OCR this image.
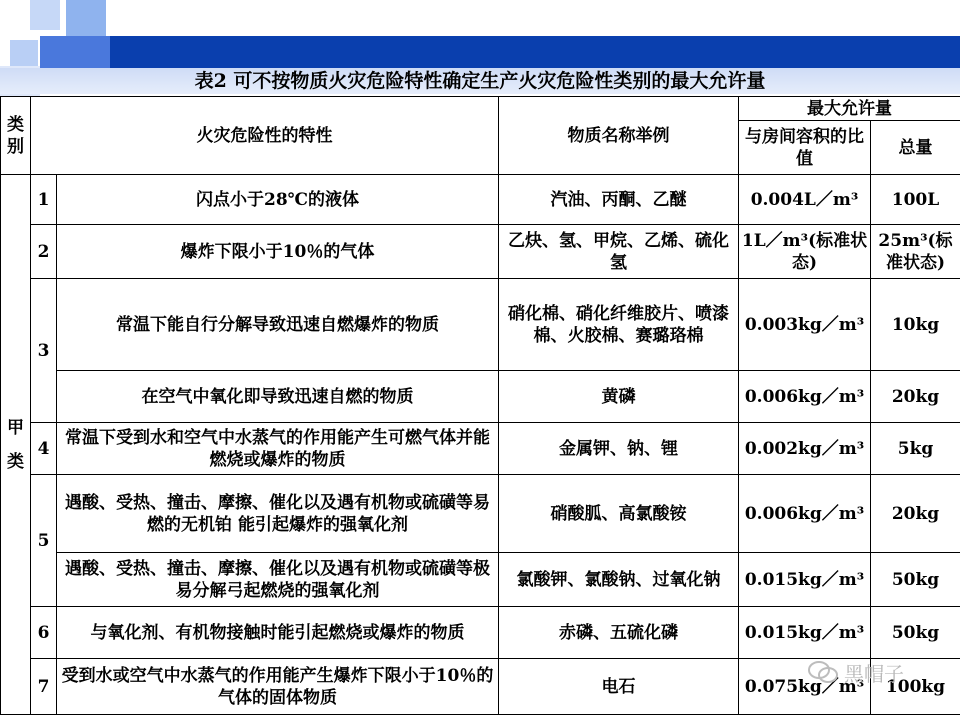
表2 可不按物质火灾危险特性确定生产火灾危险性类别的最大允许量
类别	火灾危险性的特性		物质名称举例	最大允许量	
				与房间容积的比值	总量

甲类	1	闪点小于28℃的液体	汽油、丙酮、乙醚	0.004L／m³	100L
	2	爆炸下限小于10％的气体	乙炔、氢、甲烷、乙烯、硫化氢	1L／m³(标准状态)	25m³(标准状态)
	3	常温下能自行分解导致迅速自燃爆炸的物质	硝化棉、硝化纤维胶片、喷漆棉、火胶棉、赛璐珞棉	0.003kg／m³	10kg
		在空气中氧化即导致迅速自燃的物质	黄磷	0.006kg／m³	20kg
	4	常温下受到水和空气中水蒸气的作用能产生可燃气体并能燃烧或爆炸的物质	金属钾、钠、锂	0.002kg／m³	5kg
	5	遇酸、受热、撞击、摩擦、催化以及遇有机物或硫磺等易燃的无机铂 能引起爆炸的强氧化剂	硝酸胍、高氯酸铵	0.006kg／m³	20kg
		遇酸、受热、撞击、摩擦、催化以及遇有机物或硫磺等极易分解弓起燃烧的强氧化剂	氯酸钾、氯酸钠、过氧化钠	0.015kg／m³	50kg
	6	与氧化剂、有机物接触时能引起燃烧或爆炸的物质	赤磷、五硫化磷	0.015kg／m³	50kg
	7	受到水或空气中水蒸气的作用能产生爆炸下限小于10％的气体的固体物质	电石	0.075kg／m³	100kg
黑帽子
